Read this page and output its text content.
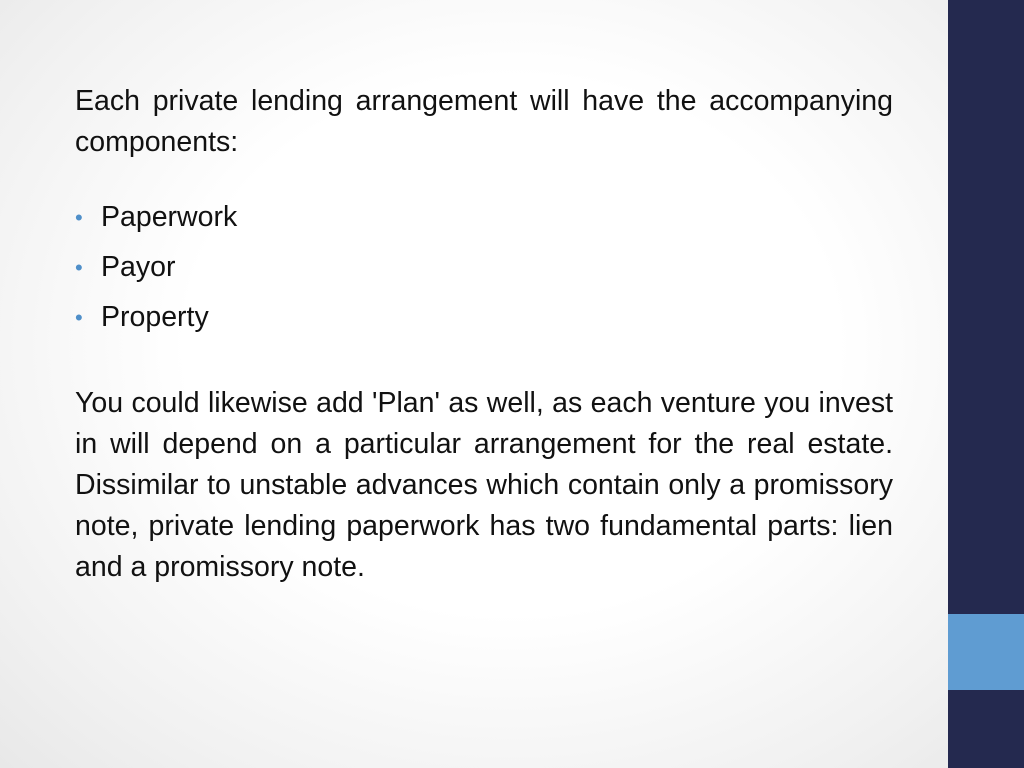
Each private lending arrangement will have the accompanying components:

• Paperwork
• Payor
• Property

You could likewise add 'Plan' as well, as each venture you invest in will depend on a particular arrangement for the real estate. Dissimilar to unstable advances which contain only a promissory note, private lending paperwork has two fundamental parts: lien and a promissory note.
